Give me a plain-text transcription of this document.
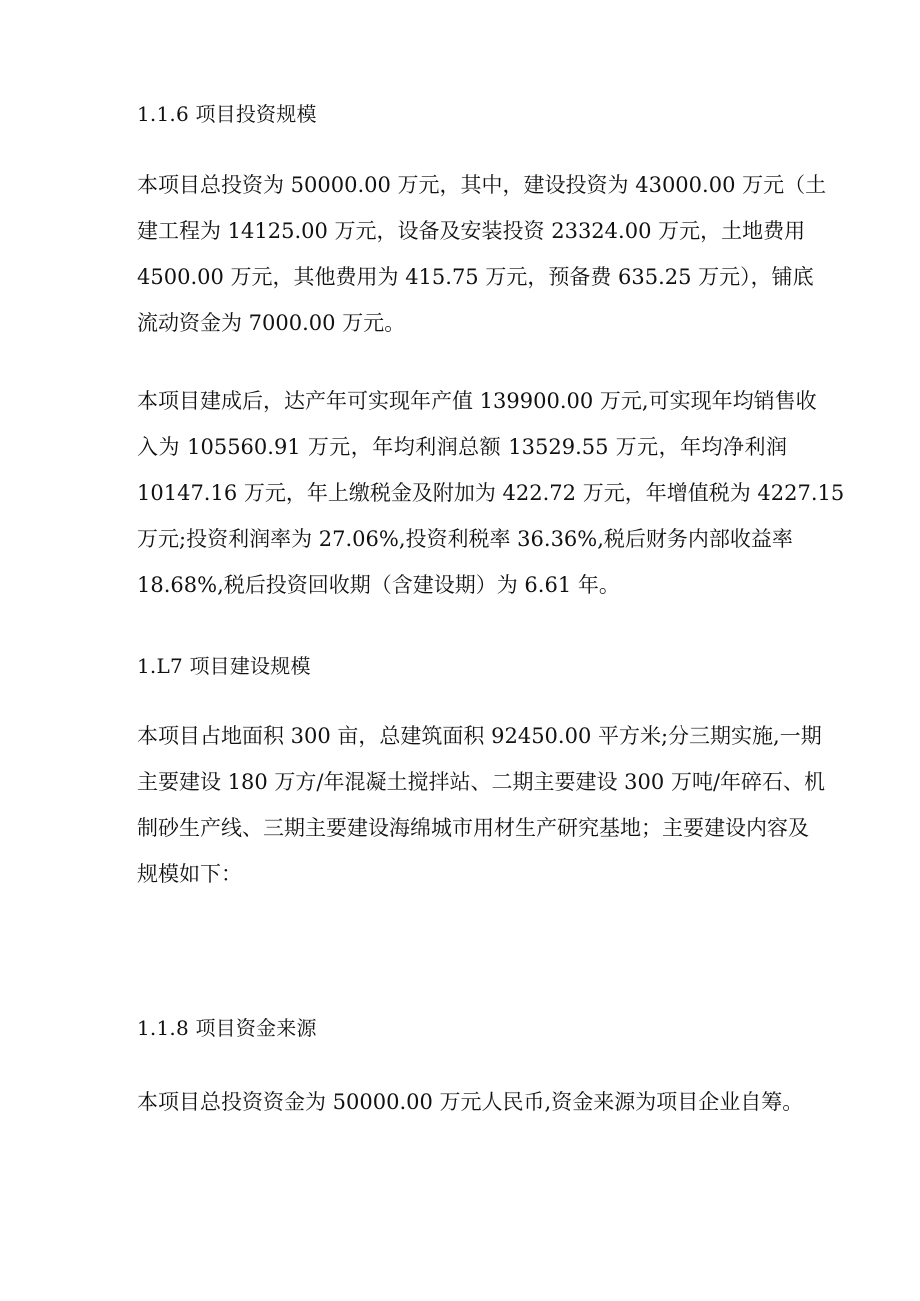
1.1.6 项目投资规模
本项目总投资为 50000.00 万元，其中，建设投资为 43000.00 万元（土
建工程为 14125.00 万元，设备及安装投资 23324.00 万元，土地费用
4500.00 万元，其他费用为 415.75 万元，预备费 635.25 万元），铺底
流动资金为 7000.00 万元。
本项目建成后，达产年可实现年产值 139900.00 万元,可实现年均销售收
入为 105560.91 万元，年均利润总额 13529.55 万元，年均净利润
10147.16 万元，年上缴税金及附加为 422.72 万元，年增值税为 4227.15
万元;投资利润率为 27.06%,投资利税率 36.36%,税后财务内部收益率
18.68%,税后投资回收期（含建设期）为 6.61 年。
1.L7 项目建设规模
本项目占地面积 300 亩，总建筑面积 92450.00 平方米;分三期实施,一期
主要建设 180 万方/年混凝土搅拌站、二期主要建设 300 万吨/年碎石、机
制砂生产线、三期主要建设海绵城市用材生产研究基地；主要建设内容及
规模如下：
1.1.8 项目资金来源
本项目总投资资金为 50000.00 万元人民币,资金来源为项目企业自筹。
